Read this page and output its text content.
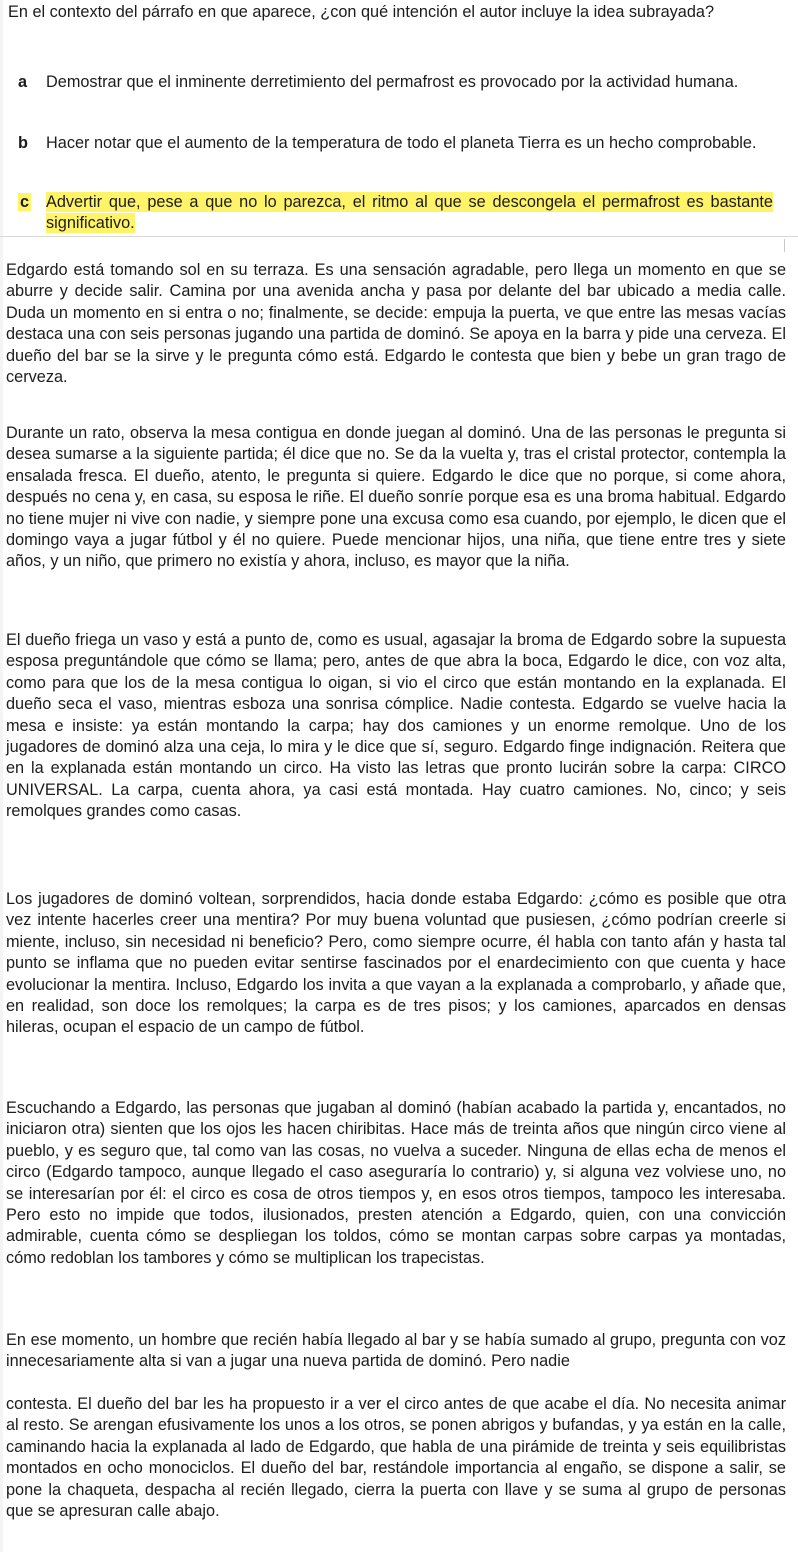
En el contexto del párrafo en que aparece, ¿con qué intención el autor incluye la idea subrayada?

a Demostrar que el inminente derretimiento del permafrost es provocado por la actividad humana.
b Hacer notar que el aumento de la temperatura de todo el planeta Tierra es un hecho comprobable.
c Advertir que, pese a que no lo parezca, el ritmo al que se descongela el permafrost es bastante significativo.

Edgardo está tomando sol en su terraza. Es una sensación agradable, pero llega un momento en que se aburre y decide salir. Camina por una avenida ancha y pasa por delante del bar ubicado a media calle. Duda un momento en si entra o no; finalmente, se decide: empuja la puerta, ve que entre las mesas vacías destaca una con seis personas jugando una partida de dominó. Se apoya en la barra y pide una cerveza. El dueño del bar se la sirve y le pregunta cómo está. Edgardo le contesta que bien y bebe un gran trago de cerveza.

Durante un rato, observa la mesa contigua en donde juegan al dominó. Una de las personas le pregunta si desea sumarse a la siguiente partida; él dice que no. Se da la vuelta y, tras el cristal protector, contempla la ensalada fresca. El dueño, atento, le pregunta si quiere. Edgardo le dice que no porque, si come ahora, después no cena y, en casa, su esposa le riñe. El dueño sonríe porque esa es una broma habitual. Edgardo no tiene mujer ni vive con nadie, y siempre pone una excusa como esa cuando, por ejemplo, le dicen que el domingo vaya a jugar fútbol y él no quiere. Puede mencionar hijos, una niña, que tiene entre tres y siete años, y un niño, que primero no existía y ahora, incluso, es mayor que la niña.

El dueño friega un vaso y está a punto de, como es usual, agasajar la broma de Edgardo sobre la supuesta esposa preguntándole que cómo se llama; pero, antes de que abra la boca, Edgardo le dice, con voz alta, como para que los de la mesa contigua lo oigan, si vio el circo que están montando en la explanada. El dueño seca el vaso, mientras esboza una sonrisa cómplice. Nadie contesta. Edgardo se vuelve hacia la mesa e insiste: ya están montando la carpa; hay dos camiones y un enorme remolque. Uno de los jugadores de dominó alza una ceja, lo mira y le dice que sí, seguro. Edgardo finge indignación. Reitera que en la explanada están montando un circo. Ha visto las letras que pronto lucirán sobre la carpa: CIRCO UNIVERSAL. La carpa, cuenta ahora, ya casi está montada. Hay cuatro camiones. No, cinco; y seis remolques grandes como casas.

Los jugadores de dominó voltean, sorprendidos, hacia donde estaba Edgardo: ¿cómo es posible que otra vez intente hacerles creer una mentira? Por muy buena voluntad que pusiesen, ¿cómo podrían creerle si miente, incluso, sin necesidad ni beneficio? Pero, como siempre ocurre, él habla con tanto afán y hasta tal punto se inflama que no pueden evitar sentirse fascinados por el enardecimiento con que cuenta y hace evolucionar la mentira. Incluso, Edgardo los invita a que vayan a la explanada a comprobarlo, y añade que, en realidad, son doce los remolques; la carpa es de tres pisos; y los camiones, aparcados en densas hileras, ocupan el espacio de un campo de fútbol.

Escuchando a Edgardo, las personas que jugaban al dominó (habían acabado la partida y, encantados, no iniciaron otra) sienten que los ojos les hacen chiribitas. Hace más de treinta años que ningún circo viene al pueblo, y es seguro que, tal como van las cosas, no vuelva a suceder. Ninguna de ellas echa de menos el circo (Edgardo tampoco, aunque llegado el caso aseguraría lo contrario) y, si alguna vez volviese uno, no se interesarían por él: el circo es cosa de otros tiempos y, en esos otros tiempos, tampoco les interesaba. Pero esto no impide que todos, ilusionados, presten atención a Edgardo, quien, con una convicción admirable, cuenta cómo se despliegan los toldos, cómo se montan carpas sobre carpas ya montadas, cómo redoblan los tambores y cómo se multiplican los trapecistas.

En ese momento, un hombre que recién había llegado al bar y se había sumado al grupo, pregunta con voz innecesariamente alta si van a jugar una nueva partida de dominó. Pero nadie

contesta. El dueño del bar les ha propuesto ir a ver el circo antes de que acabe el día. No necesita animar al resto. Se arengan efusivamente los unos a los otros, se ponen abrigos y bufandas, y ya están en la calle, caminando hacia la explanada al lado de Edgardo, que habla de una pirámide de treinta y seis equilibristas montados en ocho monociclos. El dueño del bar, restándole importancia al engaño, se dispone a salir, se pone la chaqueta, despacha al recién llegado, cierra la puerta con llave y se suma al grupo de personas que se apresuran calle abajo.
